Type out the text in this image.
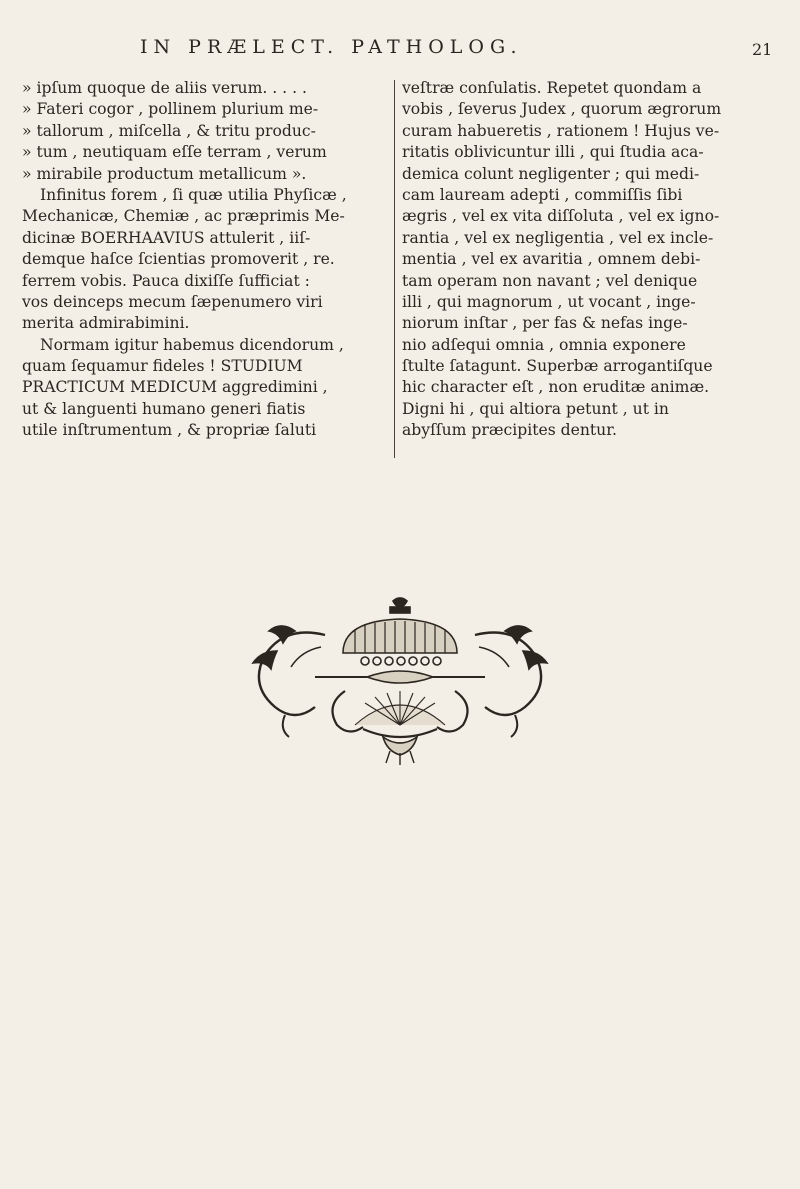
IN PRÆLECT. PATHOLOG.	21
» ipſum quoque de aliis verum. . . . .
» Fateri cogor , pollinem plurium me-
» tallorum , miſcella , & tritu produc-
» tum , neutiquam eſſe terram , verum
» mirabile productum metallicum ».
Infinitus forem , ſi quæ utilia Phyſicæ ,
Mechanicæ, Chemiæ , ac præprimis Me-
dicinæ BOERHAAVIUS attulerit , iiſ-
demque haſce ſcientias promoverit , re.
ferrem vobis. Pauca dixiſſe ſufficiat :
vos deinceps mecum ſæpenumero viri
merita admirabimini.
Normam igitur habemus dicendorum ,
quam ſequamur fideles ! STUDIUM
PRACTICUM MEDICUM aggredimini ,
ut & languenti humano generi fiatis
utile inſtrumentum , & propriæ ſaluti
veſtræ conſulatis. Repetet quondam a
vobis , ſeverus Judex , quorum ægrorum
curam habueretis , rationem ! Hujus ve-
ritatis oblivicuntur illi , qui ſtudia aca-
demica colunt negligenter ; qui medi-
cam lauream adepti , commiſſis ſibi
ægris , vel ex vita diſſoluta , vel ex igno-
rantia , vel ex negligentia , vel ex incle-
mentia , vel ex avaritia , omnem debi-
tam operam non navant ; vel denique
illi , qui magnorum , ut vocant , inge-
niorum inſtar , per fas & nefas inge-
nio adſequi omnia , omnia exponere
ſtulte ſatagunt. Superbæ arrogantiſque
hic character eſt , non eruditæ animæ.
Digni hi , qui altiora petunt , ut in
abyſſum præcipites dentur.
